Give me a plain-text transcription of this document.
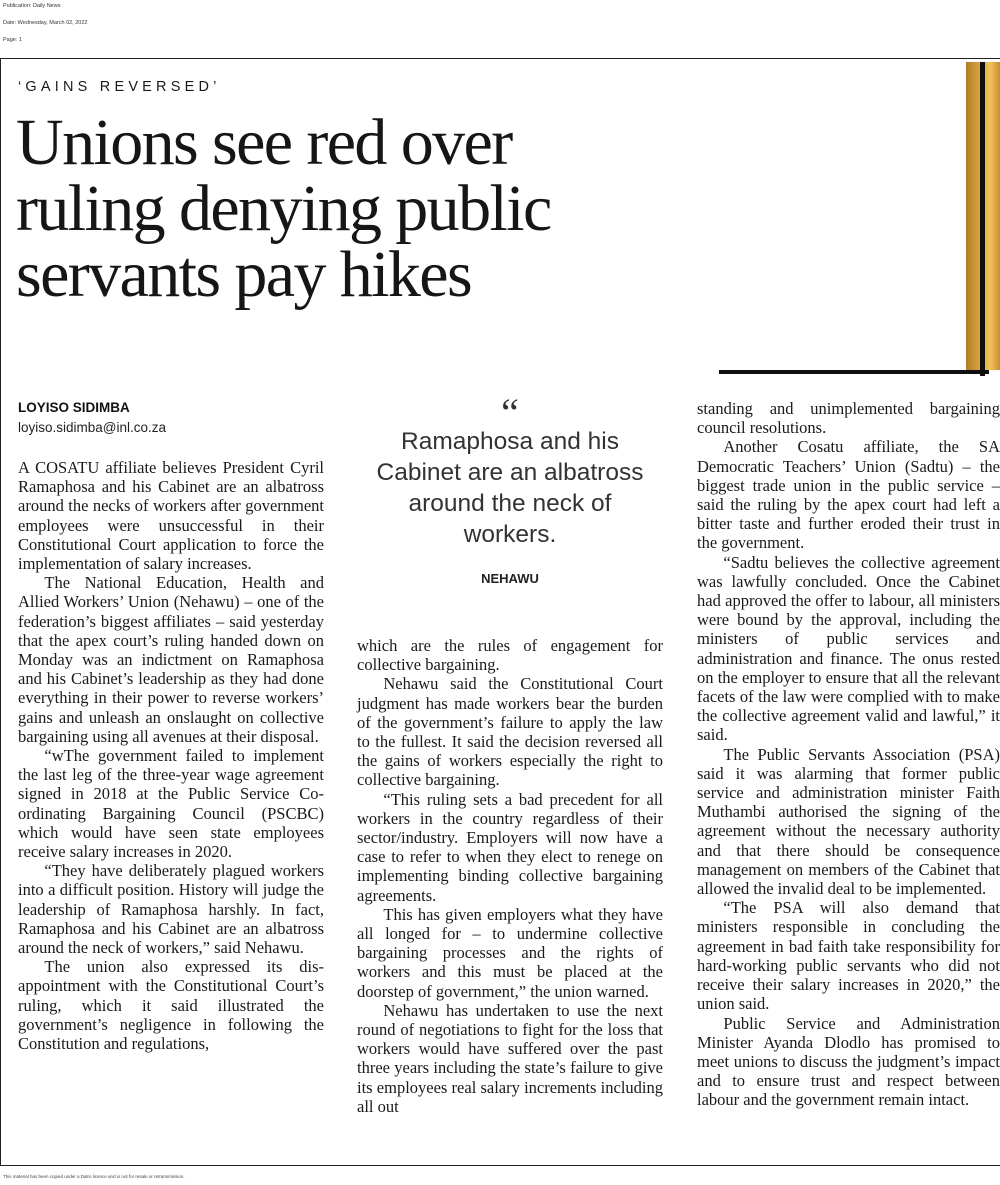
Publication: Daily News
Date: Wednesday, March 02, 2022
Page: 1
‘GAINS REVERSED’
Unions see red over
ruling denying public
servants pay hikes
LOYISO SIDIMBA
loyiso.sidimba@inl.co.za

A COSATU affiliate believes President Cyril Ramaphosa and his Cabinet are an albatross around the necks of workers after government employees were unsuccessful in their Constitutional Court application to force the implementation of salary increases.

The National Education, Health and Allied Workers’ Union (Nehawu) – one of the federation’s biggest affiliates – said yesterday that the apex court’s ruling handed down on Monday was an indictment on Ramaphosa and his Cabinet’s leadership as they had done everything in their power to reverse workers’ gains and unleash an onslaught on collective bargaining using all avenues at their disposal.

“wThe government failed to implement the last leg of the three-year wage agreement signed in 2018 at the Public Service Co-ordinating Bargaining Council (PSCBC) which would have seen state employees receive salary increases in 2020.

“They have deliberately plagued workers into a difficult position. History will judge the leadership of Ramaphosa harshly. In fact, Ramaphosa and his Cabinet are an albatross around the neck of workers,” said Nehawu.

The union also expressed its disappointment with the Constitutional Court’s ruling, which it said illustrated the government’s negligence in following the Constitution and regulations,

“
Ramaphosa and his Cabinet are an albatross around the neck of workers.
NEHAWU

which are the rules of engagement for collective bargaining.

Nehawu said the Constitutional Court judgment has made workers bear the burden of the government’s failure to apply the law to the fullest. It said the decision reversed all the gains of workers especially the right to collective bargaining.

“This ruling sets a bad precedent for all workers in the country regardless of their sector/industry. Employers will now have a case to refer to when they elect to renege on implementing binding collective bargaining agreements.

This has given employers what they have all longed for – to undermine collective bargaining processes and the rights of workers and this must be placed at the doorstep of government,” the union warned.

Nehawu has undertaken to use the next round of negotiations to fight for the loss that workers would have suffered over the past three years including the state’s failure to give its employees real salary increments including all out

standing and unimplemented bargaining council resolutions.

Another Cosatu affiliate, the SA Democratic Teachers’ Union (Sadtu) – the biggest trade union in the public service – said the ruling by the apex court had left a bitter taste and further eroded their trust in the government.

“Sadtu believes the collective agreement was lawfully concluded. Once the Cabinet had approved the offer to labour, all ministers were bound by the approval, including the ministers of public services and administration and finance. The onus rested on the employer to ensure that all the relevant facets of the law were complied with to make the collective agreement valid and lawful,” it said.

The Public Servants Association (PSA) said it was alarming that former public service and administration minister Faith Muthambi authorised the signing of the agreement without the necessary authority and that there should be consequence management on members of the Cabinet that allowed the invalid deal to be implemented.

“The PSA will also demand that ministers responsible in concluding the agreement in bad faith take responsibility for hard-working public servants who did not receive their salary increases in 2020,” the union said.

Public Service and Administration Minister Ayanda Dlodlo has promised to meet unions to discuss the judgment’s impact and to ensure trust and respect between labour and the government remain intact.

This material has been copied under a Dalro licence and is not for resale or retransmission.
